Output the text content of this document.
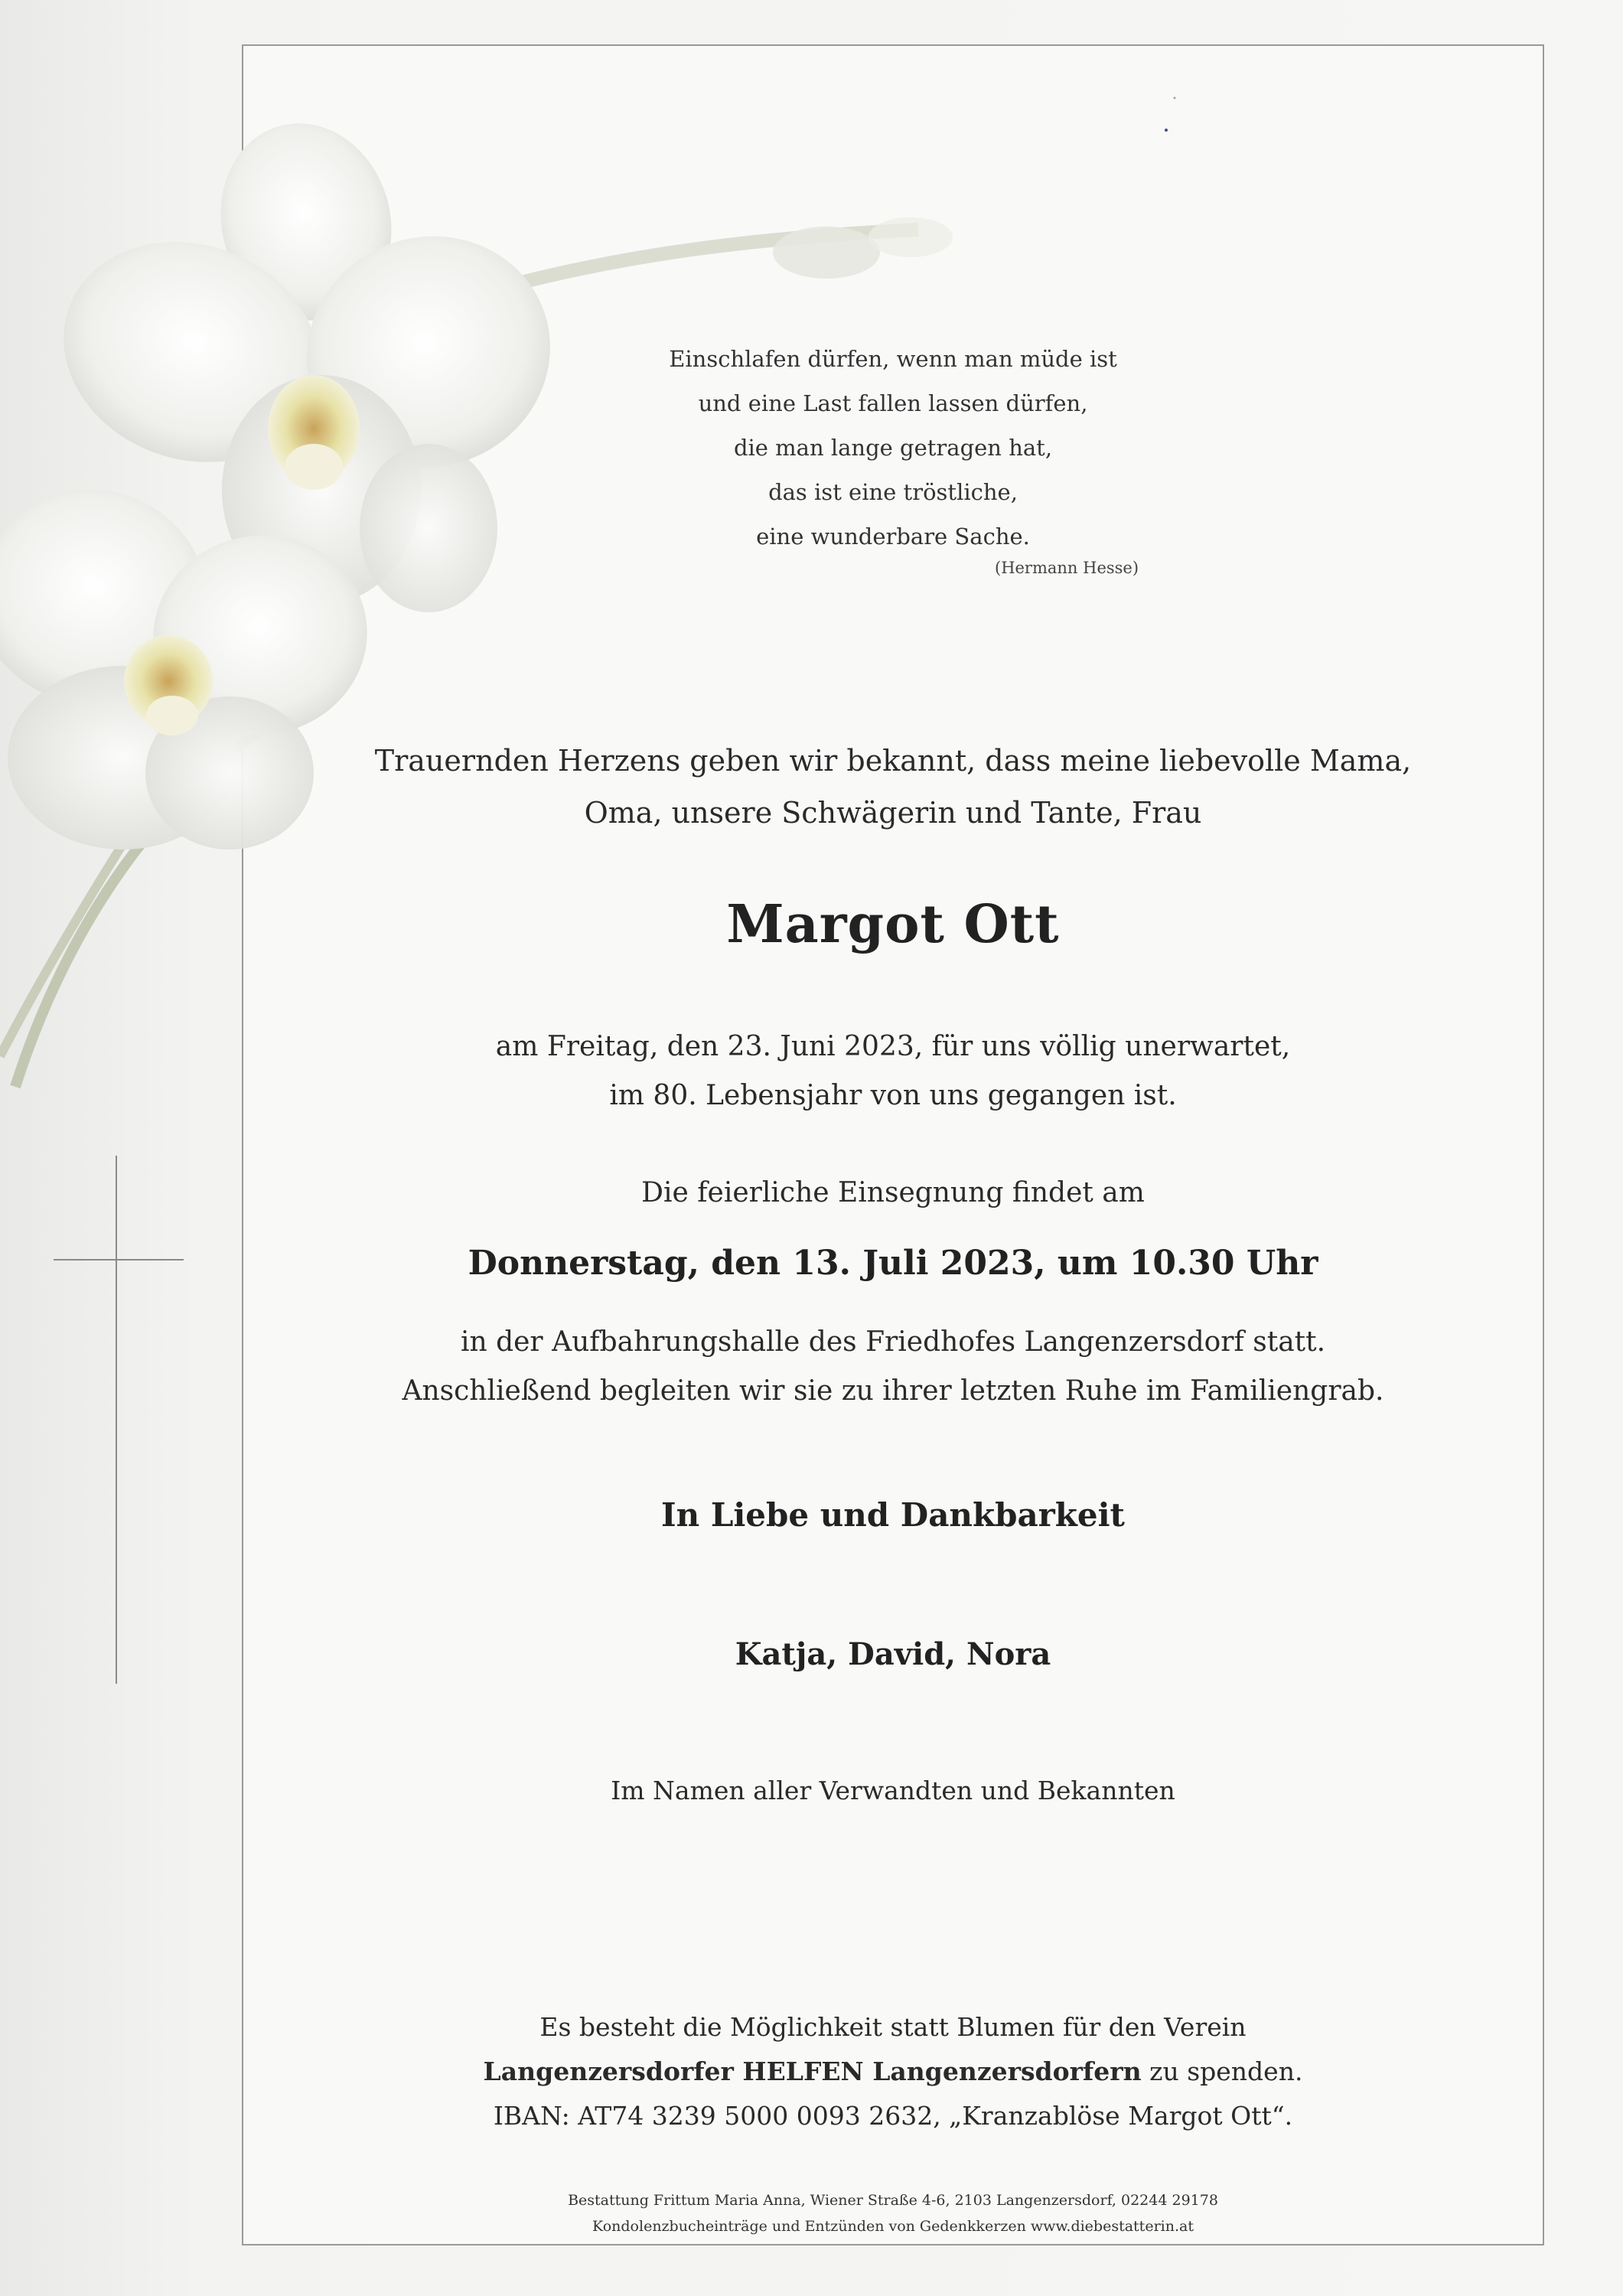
Einschlafen dürfen, wenn man müde ist
und eine Last fallen lassen dürfen,
die man lange getragen hat,
das ist eine tröstliche,
eine wunderbare Sache.
(Hermann Hesse)
Trauernden Herzens geben wir bekannt, dass meine liebevolle Mama,
Oma, unsere Schwägerin und Tante, Frau
Margot Ott
am Freitag, den 23. Juni 2023, für uns völlig unerwartet,
im 80. Lebensjahr von uns gegangen ist.
Die feierliche Einsegnung findet am
Donnerstag, den 13. Juli 2023, um 10.30 Uhr
in der Aufbahrungshalle des Friedhofes Langenzersdorf statt.
Anschließend begleiten wir sie zu ihrer letzten Ruhe im Familiengrab.
In Liebe und Dankbarkeit
Katja, David, Nora
Im Namen aller Verwandten und Bekannten
Es besteht die Möglichkeit statt Blumen für den Verein
Langenzersdorfer HELFEN Langenzersdorfern zu spenden.
IBAN: AT74 3239 5000 0093 2632, „Kranzablöse Margot Ott“.
Bestattung Frittum Maria Anna, Wiener Straße 4-6, 2103 Langenzersdorf, 02244 29178
Kondolenzbucheinträge und Entzünden von Gedenkkerzen www.diebestatterin.at
